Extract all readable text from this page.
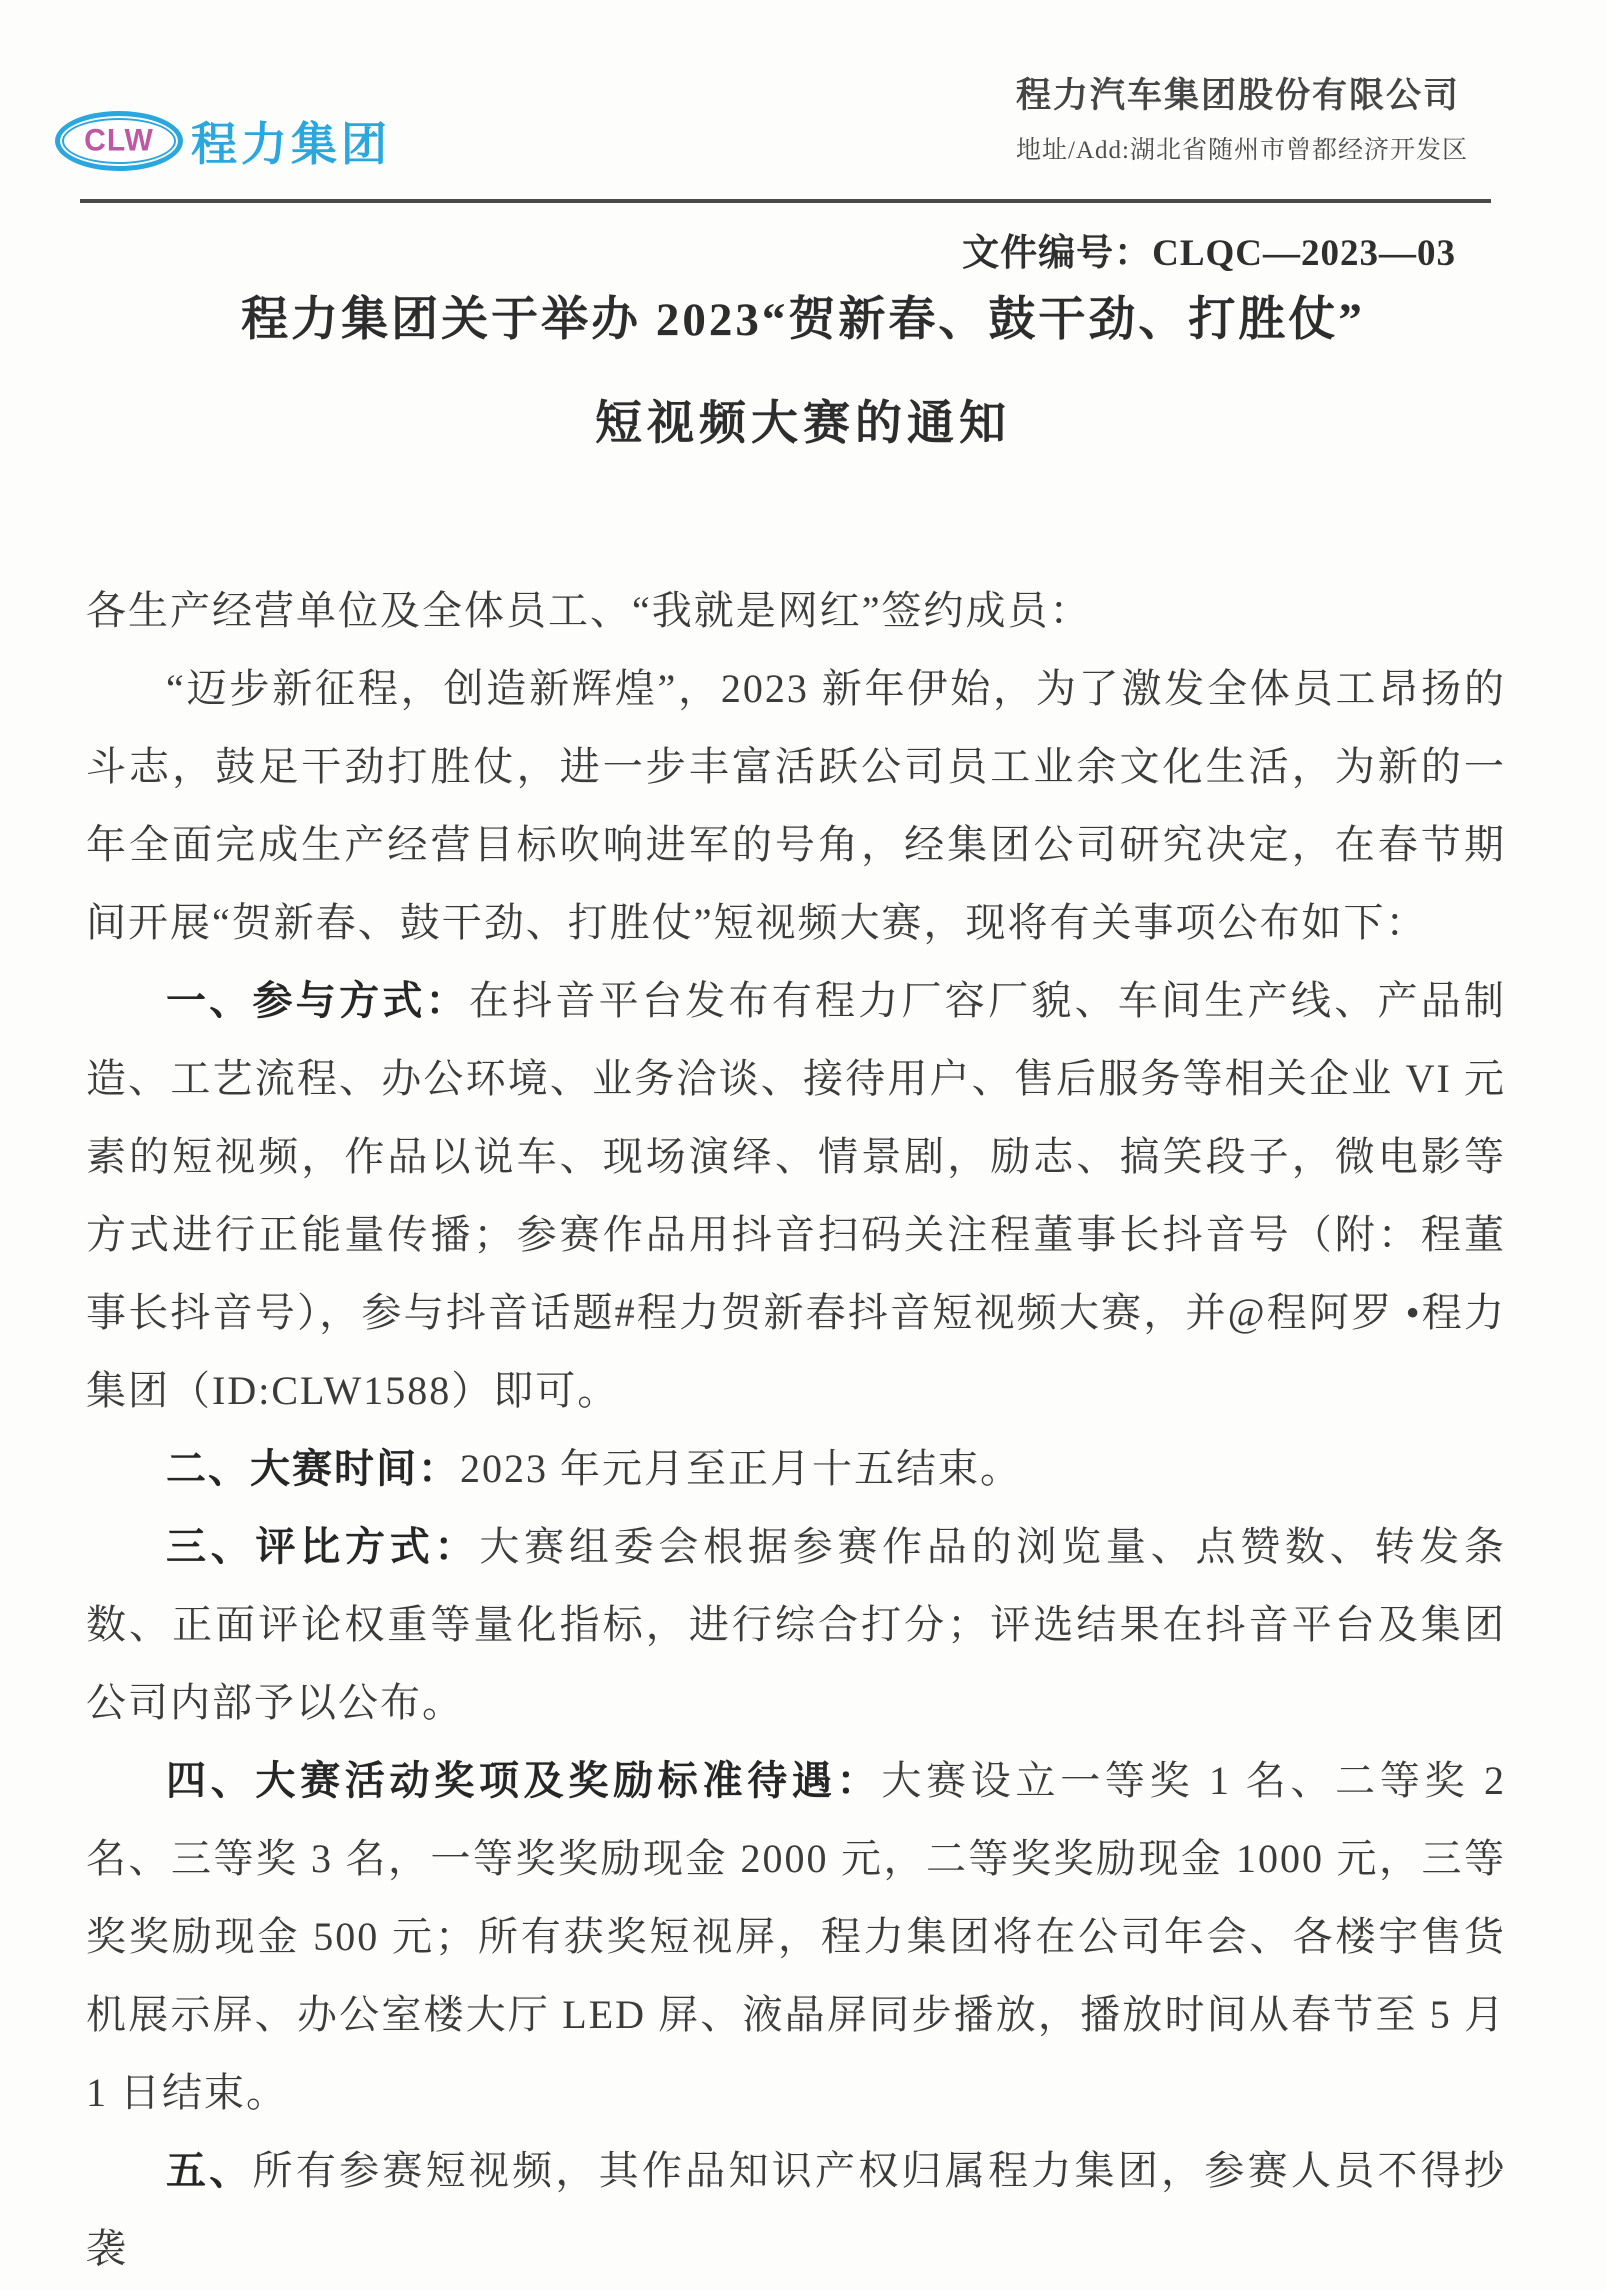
CLW 程力集团
程力汽车集团股份有限公司
地址/Add:湖北省随州市曾都经济开发区
文件编号：CLQC—2023—03
程力集团关于举办 2023“贺新春、鼓干劲、打胜仗”
短视频大赛的通知

各生产经营单位及全体员工、“我就是网红”签约成员：

“迈步新征程，创造新辉煌”，2023 新年伊始，为了激发全体员工昂扬的斗志，鼓足干劲打胜仗，进一步丰富活跃公司员工业余文化生活，为新的一年全面完成生产经营目标吹响进军的号角，经集团公司研究决定，在春节期间开展“贺新春、鼓干劲、打胜仗”短视频大赛，现将有关事项公布如下：

一、参与方式：在抖音平台发布有程力厂容厂貌、车间生产线、产品制造、工艺流程、办公环境、业务洽谈、接待用户、售后服务等相关企业 VI 元素的短视频，作品以说车、现场演绎、情景剧，励志、搞笑段子，微电影等方式进行正能量传播；参赛作品用抖音扫码关注程董事长抖音号（附：程董事长抖音号），参与抖音话题#程力贺新春抖音短视频大赛，并@程阿罗 •程力集团（ID:CLW1588）即可。

二、大赛时间：2023 年元月至正月十五结束。

三、评比方式：大赛组委会根据参赛作品的浏览量、点赞数、转发条数、正面评论权重等量化指标，进行综合打分；评选结果在抖音平台及集团公司内部予以公布。

四、大赛活动奖项及奖励标准待遇：大赛设立一等奖 1 名、二等奖 2 名、三等奖 3 名，一等奖奖励现金 2000 元，二等奖奖励现金 1000 元，三等奖奖励现金 500 元；所有获奖短视屏，程力集团将在公司年会、各楼宇售货机展示屏、办公室楼大厅 LED 屏、液晶屏同步播放，播放时间从春节至 5 月 1 日结束。

五、所有参赛短视频，其作品知识产权归属程力集团，参赛人员不得抄袭
